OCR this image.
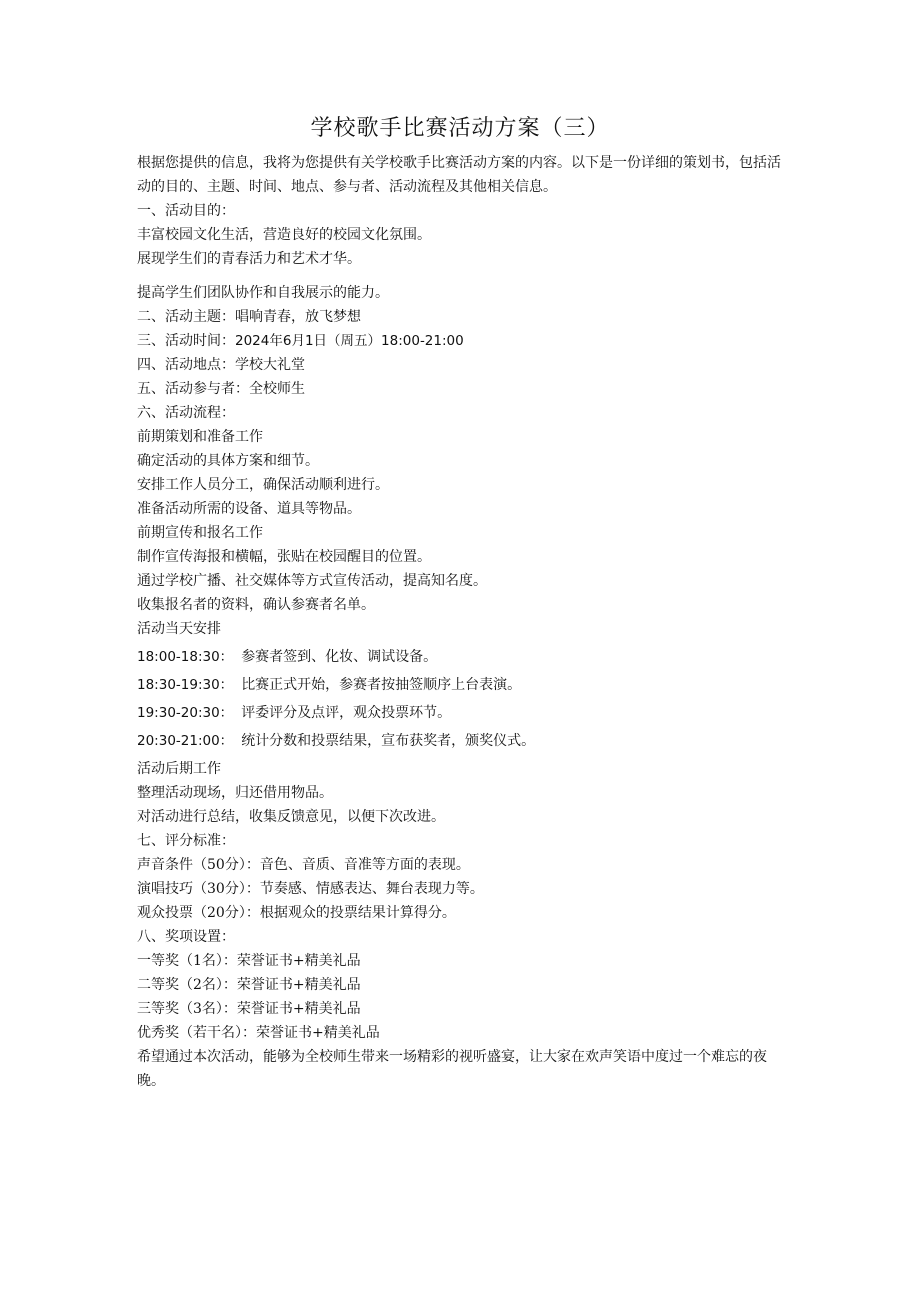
学校歌手比赛活动方案（三）

根据您提供的信息，我将为您提供有关学校歌手比赛活动方案的内容。以下是一份详细的策划书，包括活动的目的、主题、时间、地点、参与者、活动流程及其他相关信息。

一、活动目的：

丰富校园文化生活，营造良好的校园文化氛围。

展现学生们的青春活力和艺术才华。

提高学生们团队协作和自我展示的能力。

二、活动主题：唱响青春，放飞梦想

三、活动时间：2024年6月1日（周五）18:00-21:00

四、活动地点：学校大礼堂

五、活动参与者：全校师生

六、活动流程：

前期策划和准备工作

确定活动的具体方案和细节。

安排工作人员分工，确保活动顺利进行。

准备活动所需的设备、道具等物品。

前期宣传和报名工作

制作宣传海报和横幅，张贴在校园醒目的位置。

通过学校广播、社交媒体等方式宣传活动，提高知名度。

收集报名者的资料，确认参赛者名单。

活动当天安排

18:00-18:30： 参赛者签到、化妆、调试设备。

18:30-19:30： 比赛正式开始，参赛者按抽签顺序上台表演。

19:30-20:30： 评委评分及点评，观众投票环节。

20:30-21:00： 统计分数和投票结果，宣布获奖者，颁奖仪式。

活动后期工作

整理活动现场，归还借用物品。

对活动进行总结，收集反馈意见，以便下次改进。

七、评分标准：

声音条件（50分）：音色、音质、音准等方面的表现。

演唱技巧（30分）：节奏感、情感表达、舞台表现力等。

观众投票（20分）：根据观众的投票结果计算得分。

八、奖项设置：

一等奖（1名）：荣誉证书+精美礼品

二等奖（2名）：荣誉证书+精美礼品

三等奖（3名）：荣誉证书+精美礼品

优秀奖（若干名）：荣誉证书+精美礼品

希望通过本次活动，能够为全校师生带来一场精彩的视听盛宴，让大家在欢声笑语中度过一个难忘的夜晚。
